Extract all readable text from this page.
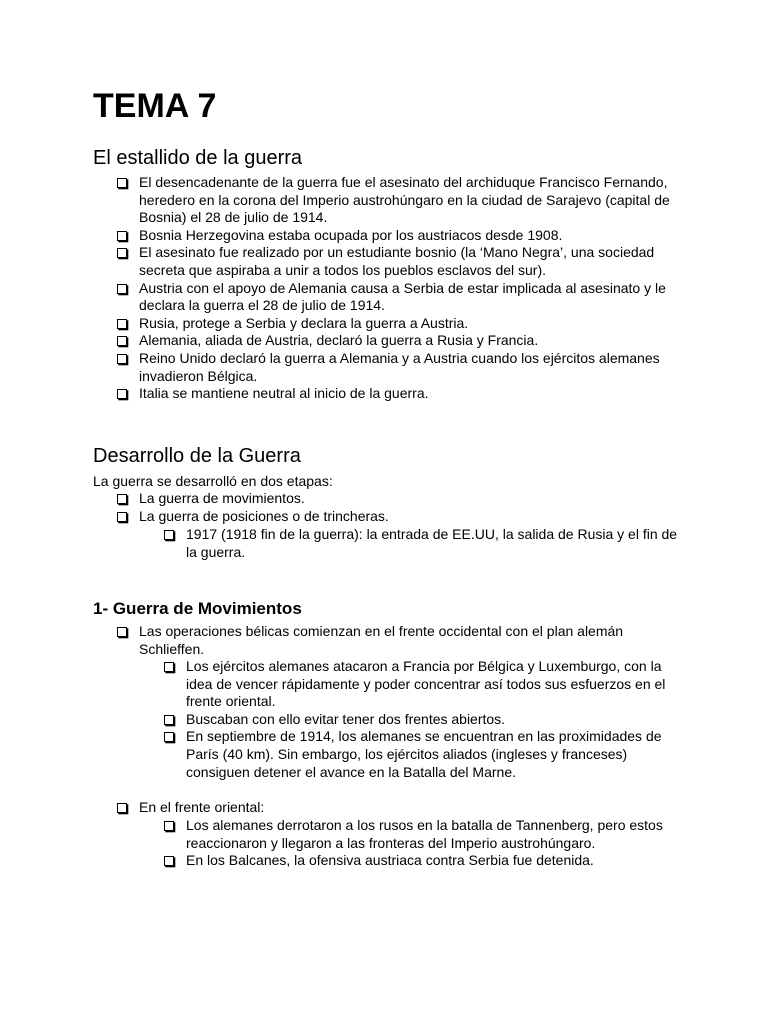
TEMA 7
El estallido de la guerra
El desencadenante de la guerra fue el asesinato del archiduque Francisco Fernando, heredero en la corona del Imperio austrohúngaro en la ciudad de Sarajevo (capital de Bosnia) el 28 de julio de 1914.
Bosnia Herzegovina estaba ocupada por los austriacos desde 1908.
El asesinato fue realizado por un estudiante bosnio (la ‘Mano Negra’, una sociedad secreta que aspiraba a unir a todos los pueblos esclavos del sur).
Austria con el apoyo de Alemania causa a Serbia de estar implicada al asesinato y le declara la guerra el 28 de julio de 1914.
Rusia, protege a Serbia y declara la guerra a Austria.
Alemania, aliada de Austria, declaró la guerra a Rusia y Francia.
Reino Unido declaró la guerra a Alemania y a Austria cuando los ejércitos alemanes invadieron Bélgica.
Italia se mantiene neutral al inicio de la guerra.
Desarrollo de la Guerra

La guerra se desarrolló en dos etapas:

La guerra de movimientos.
La guerra de posiciones o de trincheras.
1917 (1918 fin de la guerra): la entrada de EE.UU, la salida de Rusia y el fin de la guerra.
1- Guerra de Movimientos
Las operaciones bélicas comienzan en el frente occidental con el plan alemán Schlieffen.
Los ejércitos alemanes atacaron a Francia por Bélgica y Luxemburgo, con la idea de vencer rápidamente y poder concentrar así todos sus esfuerzos en el frente oriental.
Buscaban con ello evitar tener dos frentes abiertos.
En septiembre de 1914, los alemanes se encuentran en las proximidades de París (40 km). Sin embargo, los ejércitos aliados (ingleses y franceses) consiguen detener el avance en la Batalla del Marne.
En el frente oriental:
Los alemanes derrotaron a los rusos en la batalla de Tannenberg, pero estos reaccionaron y llegaron a las fronteras del Imperio austrohúngaro.
En los Balcanes, la ofensiva austriaca contra Serbia fue detenida.
